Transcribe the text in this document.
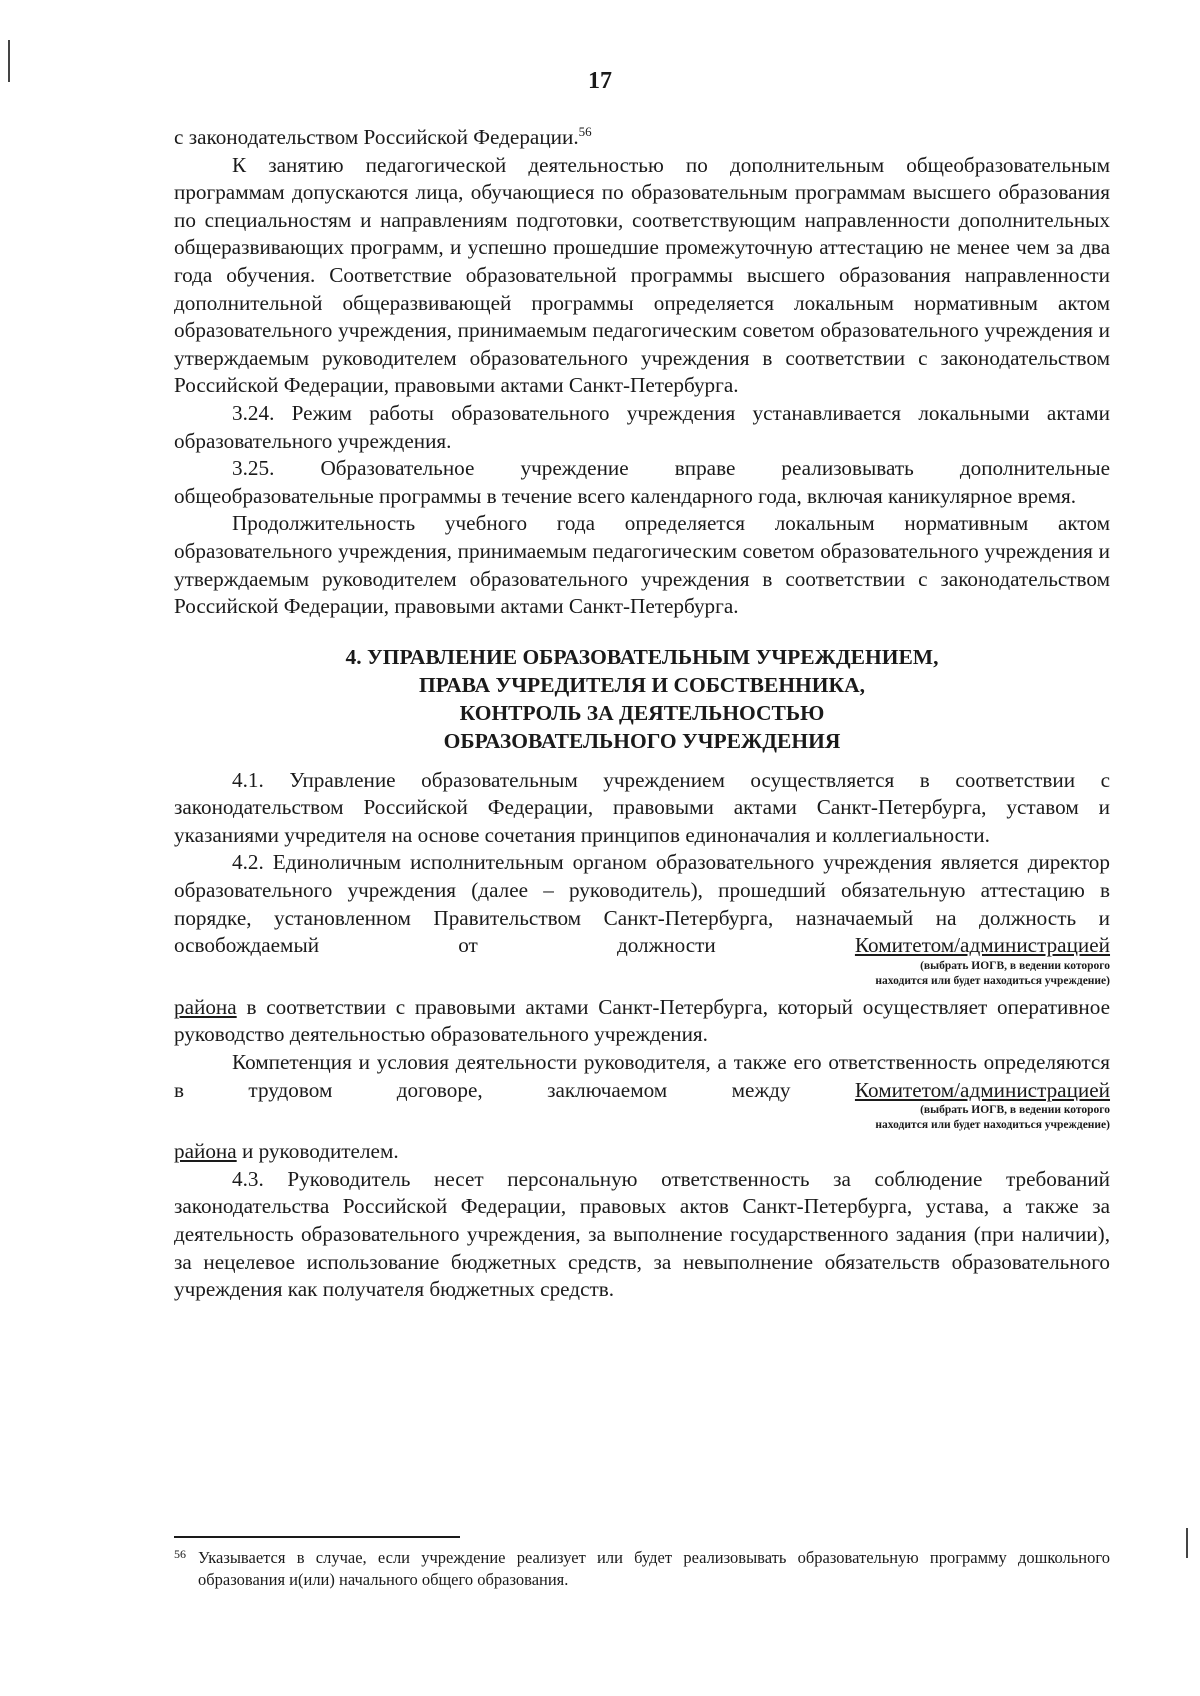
17

с законодательством Российской Федерации.$^{56}$

К занятию педагогической деятельностью по дополнительным общеобразовательным программам допускаются лица, обучающиеся по образовательным программам высшего образования по специальностям и направлениям подготовки, соответствующим направленности дополнительных общеразвивающих программ, и успешно прошедшие промежуточную аттестацию не менее чем за два года обучения. Соответствие образовательной программы высшего образования направленности дополнительной общеразвивающей программы определяется локальным нормативным актом образовательного учреждения, принимаемым педагогическим советом образовательного учреждения и утверждаемым руководителем образовательного учреждения в соответствии с законодательством Российской Федерации, правовыми актами Санкт-Петербурга.

3.24. Режим работы образовательного учреждения устанавливается локальными актами образовательного учреждения.

3.25. Образовательное учреждение вправе реализовывать дополнительные общеобразовательные программы в течение всего календарного года, включая каникулярное время.

Продолжительность учебного года определяется локальным нормативным актом образовательного учреждения, принимаемым педагогическим советом образовательного учреждения и утверждаемым руководителем образовательного учреждения в соответствии с законодательством Российской Федерации, правовыми актами Санкт-Петербурга.

4. УПРАВЛЕНИЕ ОБРАЗОВАТЕЛЬНЫМ УЧРЕЖДЕНИЕМ,
ПРАВА УЧРЕДИТЕЛЯ И СОБСТВЕННИКА,
КОНТРОЛЬ ЗА ДЕЯТЕЛЬНОСТЬЮ
ОБРАЗОВАТЕЛЬНОГО УЧРЕЖДЕНИЯ

4.1. Управление образовательным учреждением осуществляется в соответствии с законодательством Российской Федерации, правовыми актами Санкт-Петербурга, уставом и указаниями учредителя на основе сочетания принципов единоначалия и коллегиальности.

4.2. Единоличным исполнительным органом образовательного учреждения является директор образовательного учреждения (далее – руководитель), прошедший обязательную аттестацию в порядке, установленном Правительством Санкт-Петербурга, назначаемый на должность и освобождаемый от должности	Комитетом/администрацией

(выбрать ИОГВ, в ведении которого
находится или будет находиться учреждение)

района в соответствии с правовыми актами Санкт-Петербурга, который осуществляет оперативное руководство деятельностью образовательного учреждения.

Компетенция и условия деятельности руководителя, а также его ответственность определяются в трудовом договоре, заключаемом между	Комитетом/администрацией

(выбрать ИОГВ, в ведении которого
находится или будет находиться учреждение)

района и руководителем.

4.3. Руководитель несет персональную ответственность за соблюдение требований законодательства Российской Федерации, правовых актов Санкт-Петербурга, устава, а также за деятельность образовательного учреждения, за выполнение государственного задания (при наличии), за нецелевое использование бюджетных средств, за невыполнение обязательств образовательного учреждения как получателя бюджетных средств.

56 Указывается в случае, если учреждение реализует или будет реализовывать образовательную программу дошкольного образования и(или) начального общего образования.
